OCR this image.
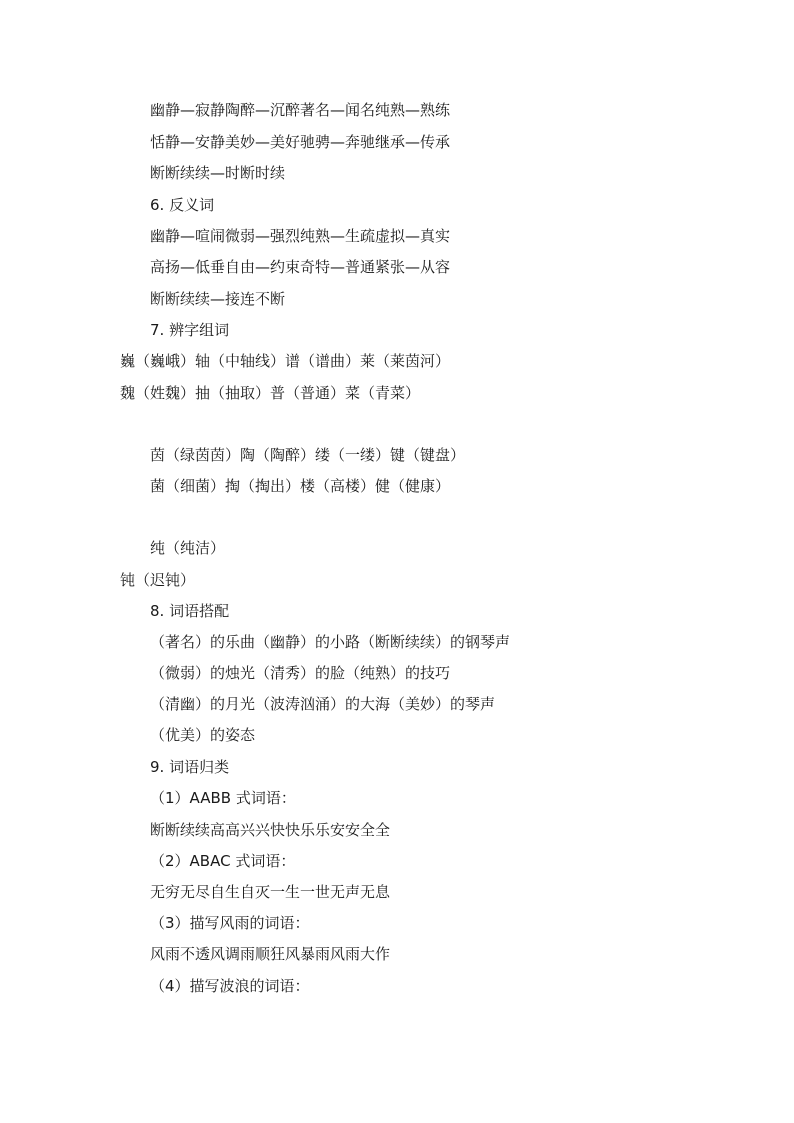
幽静—寂静陶醉—沉醉著名—闻名纯熟—熟练
恬静—安静美妙—美好驰骋—奔驰继承—传承
断断续续—时断时续
6. 反义词
幽静—喧闹微弱—强烈纯熟—生疏虚拟—真实
高扬—低垂自由—约束奇特—普通紧张—从容
断断续续—接连不断
7. 辨字组词
巍（巍峨）轴（中轴线）谱（谱曲）莱（莱茵河）
魏（姓魏）抽（抽取）普（普通）菜（青菜）
茵（绿茵茵）陶（陶醉）缕（一缕）键（键盘）
菌（细菌）掏（掏出）楼（高楼）健（健康）
纯（纯洁）
钝（迟钝）
8. 词语搭配
（著名）的乐曲（幽静）的小路（断断续续）的钢琴声
（微弱）的烛光（清秀）的脸（纯熟）的技巧
（清幽）的月光（波涛汹涌）的大海（美妙）的琴声
（优美）的姿态
9. 词语归类
（1）AABB 式词语：
断断续续高高兴兴快快乐乐安安全全
（2）ABAC 式词语：
无穷无尽自生自灭一生一世无声无息
（3）描写风雨的词语：
风雨不透风调雨顺狂风暴雨风雨大作
（4）描写波浪的词语：
